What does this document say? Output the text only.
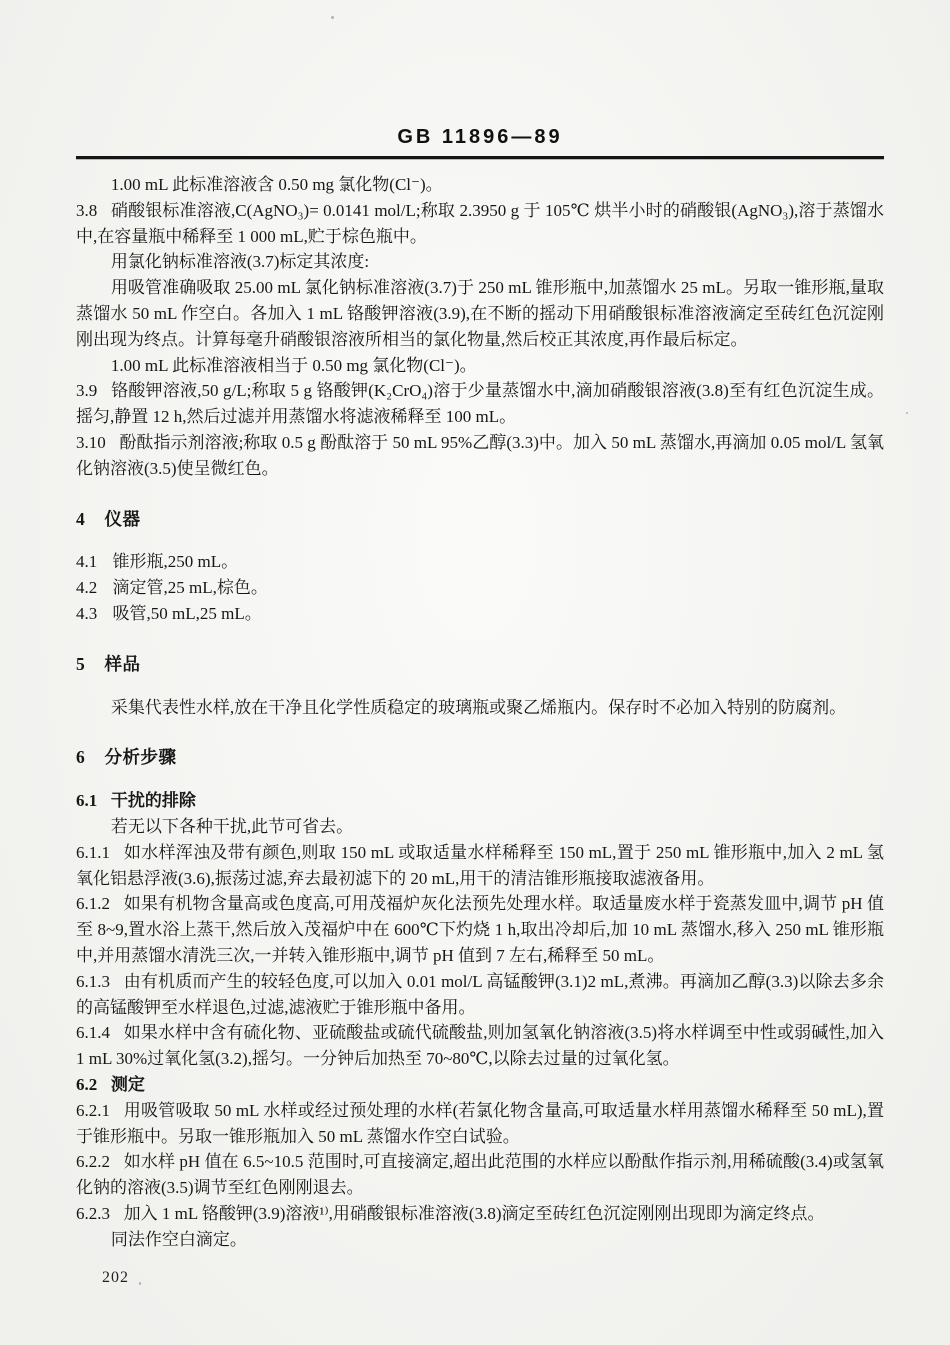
GB 11896—89

1.00 mL 此标准溶液含 0.50 mg 氯化物(Cl⁻)。

3.8 硝酸银标准溶液,C(AgNO₃)= 0.0141 mol/L;称取 2.3950 g 于 105℃ 烘半小时的硝酸银(AgNO₃),溶于蒸馏水中,在容量瓶中稀释至 1 000 mL,贮于棕色瓶中。

用氯化钠标准溶液(3.7)标定其浓度:

用吸管准确吸取 25.00 mL 氯化钠标准溶液(3.7)于 250 mL 锥形瓶中,加蒸馏水 25 mL。另取一锥形瓶,量取蒸馏水 50 mL 作空白。各加入 1 mL 铬酸钾溶液(3.9),在不断的摇动下用硝酸银标准溶液滴定至砖红色沉淀刚刚出现为终点。计算每毫升硝酸银溶液所相当的氯化物量,然后校正其浓度,再作最后标定。

1.00 mL 此标准溶液相当于 0.50 mg 氯化物(Cl⁻)。

3.9 铬酸钾溶液,50 g/L;称取 5 g 铬酸钾(K₂CrO₄)溶于少量蒸馏水中,滴加硝酸银溶液(3.8)至有红色沉淀生成。摇匀,静置 12 h,然后过滤并用蒸馏水将滤液稀释至 100 mL。

3.10 酚酞指示剂溶液;称取 0.5 g 酚酞溶于 50 mL 95%乙醇(3.3)中。加入 50 mL 蒸馏水,再滴加 0.05 mol/L 氢氧化钠溶液(3.5)使呈微红色。

4 仪器

4.1 锥形瓶,250 mL。

4.2 滴定管,25 mL,棕色。

4.3 吸管,50 mL,25 mL。

5 样品

采集代表性水样,放在干净且化学性质稳定的玻璃瓶或聚乙烯瓶内。保存时不必加入特别的防腐剂。

6 分析步骤

6.1 干扰的排除

若无以下各种干扰,此节可省去。

6.1.1 如水样浑浊及带有颜色,则取 150 mL 或取适量水样稀释至 150 mL,置于 250 mL 锥形瓶中,加入 2 mL 氢氧化铝悬浮液(3.6),振荡过滤,弃去最初滤下的 20 mL,用干的清洁锥形瓶接取滤液备用。

6.1.2 如果有机物含量高或色度高,可用茂福炉灰化法预先处理水样。取适量废水样于瓷蒸发皿中,调节 pH 值至 8~9,置水浴上蒸干,然后放入茂福炉中在 600℃下灼烧 1 h,取出冷却后,加 10 mL 蒸馏水,移入 250 mL 锥形瓶中,并用蒸馏水清洗三次,一并转入锥形瓶中,调节 pH 值到 7 左右,稀释至 50 mL。

6.1.3 由有机质而产生的较轻色度,可以加入 0.01 mol/L 高锰酸钾(3.1)2 mL,煮沸。再滴加乙醇(3.3)以除去多余的高锰酸钾至水样退色,过滤,滤液贮于锥形瓶中备用。

6.1.4 如果水样中含有硫化物、亚硫酸盐或硫代硫酸盐,则加氢氧化钠溶液(3.5)将水样调至中性或弱碱性,加入 1 mL 30%过氧化氢(3.2),摇匀。一分钟后加热至 70~80℃,以除去过量的过氧化氢。

6.2 测定

6.2.1 用吸管吸取 50 mL 水样或经过预处理的水样(若氯化物含量高,可取适量水样用蒸馏水稀释至 50 mL),置于锥形瓶中。另取一锥形瓶加入 50 mL 蒸馏水作空白试验。

6.2.2 如水样 pH 值在 6.5~10.5 范围时,可直接滴定,超出此范围的水样应以酚酞作指示剂,用稀硫酸(3.4)或氢氧化钠的溶液(3.5)调节至红色刚刚退去。

6.2.3 加入 1 mL 铬酸钾(3.9)溶液¹⁾,用硝酸银标准溶液(3.8)滴定至砖红色沉淀刚刚出现即为滴定终点。

同法作空白滴定。

202
